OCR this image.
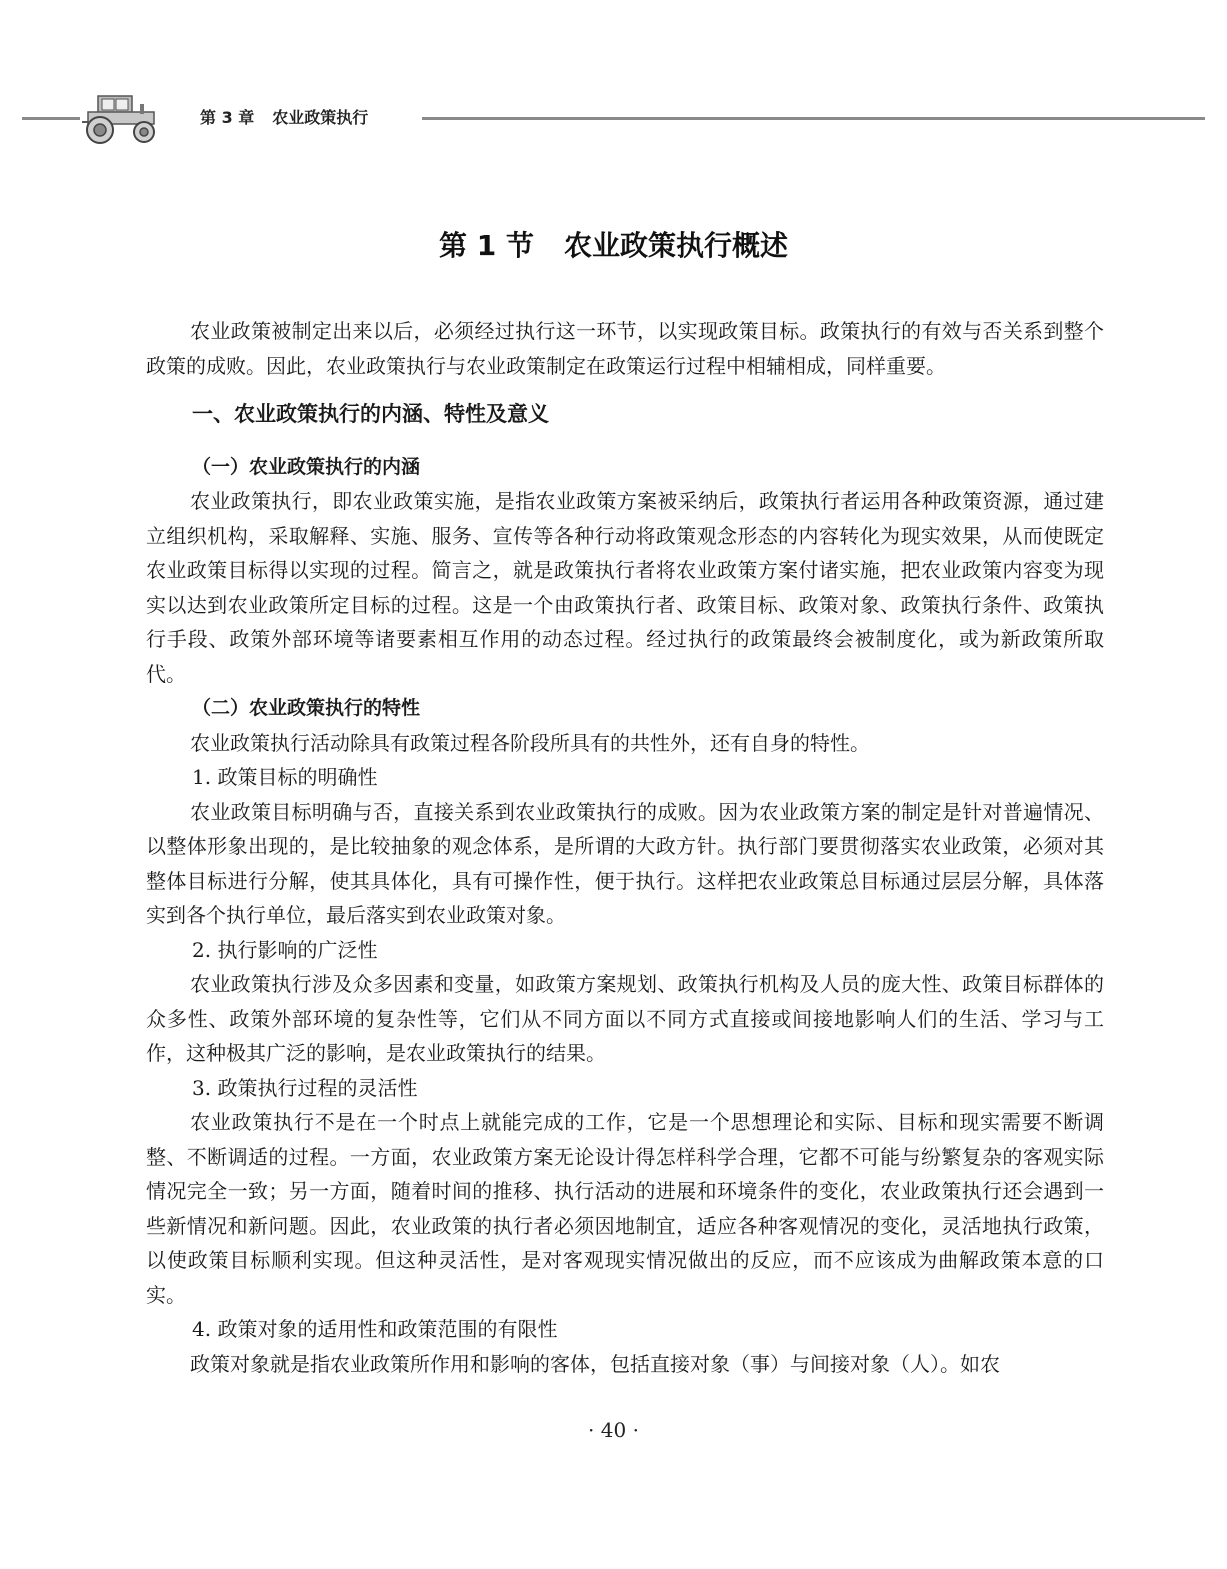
第 3 章 农业政策执行
第 1 节 农业政策执行概述

农业政策被制定出来以后，必须经过执行这一环节，以实现政策目标。政策执行的有效与否关系到整个政策的成败。因此，农业政策执行与农业政策制定在政策运行过程中相辅相成，同样重要。

一、农业政策执行的内涵、特性及意义
（一）农业政策执行的内涵

农业政策执行，即农业政策实施，是指农业政策方案被采纳后，政策执行者运用各种政策资源，通过建立组织机构，采取解释、实施、服务、宣传等各种行动将政策观念形态的内容转化为现实效果，从而使既定农业政策目标得以实现的过程。简言之，就是政策执行者将农业政策方案付诸实施，把农业政策内容变为现实以达到农业政策所定目标的过程。这是一个由政策执行者、政策目标、政策对象、政策执行条件、政策执行手段、政策外部环境等诸要素相互作用的动态过程。经过执行的政策最终会被制度化，或为新政策所取代。

（二）农业政策执行的特性

农业政策执行活动除具有政策过程各阶段所具有的共性外，还有自身的特性。

1. 政策目标的明确性

农业政策目标明确与否，直接关系到农业政策执行的成败。因为农业政策方案的制定是针对普遍情况、以整体形象出现的，是比较抽象的观念体系，是所谓的大政方针。执行部门要贯彻落实农业政策，必须对其整体目标进行分解，使其具体化，具有可操作性，便于执行。这样把农业政策总目标通过层层分解，具体落实到各个执行单位，最后落实到农业政策对象。

2. 执行影响的广泛性

农业政策执行涉及众多因素和变量，如政策方案规划、政策执行机构及人员的庞大性、政策目标群体的众多性、政策外部环境的复杂性等，它们从不同方面以不同方式直接或间接地影响人们的生活、学习与工作，这种极其广泛的影响，是农业政策执行的结果。

3. 政策执行过程的灵活性

农业政策执行不是在一个时点上就能完成的工作，它是一个思想理论和实际、目标和现实需要不断调整、不断调适的过程。一方面，农业政策方案无论设计得怎样科学合理，它都不可能与纷繁复杂的客观实际情况完全一致；另一方面，随着时间的推移、执行活动的进展和环境条件的变化，农业政策执行还会遇到一些新情况和新问题。因此，农业政策的执行者必须因地制宜，适应各种客观情况的变化，灵活地执行政策，以使政策目标顺利实现。但这种灵活性，是对客观现实情况做出的反应，而不应该成为曲解政策本意的口实。

4. 政策对象的适用性和政策范围的有限性

政策对象就是指农业政策所作用和影响的客体，包括直接对象（事）与间接对象（人）。如农

· 40 ·
